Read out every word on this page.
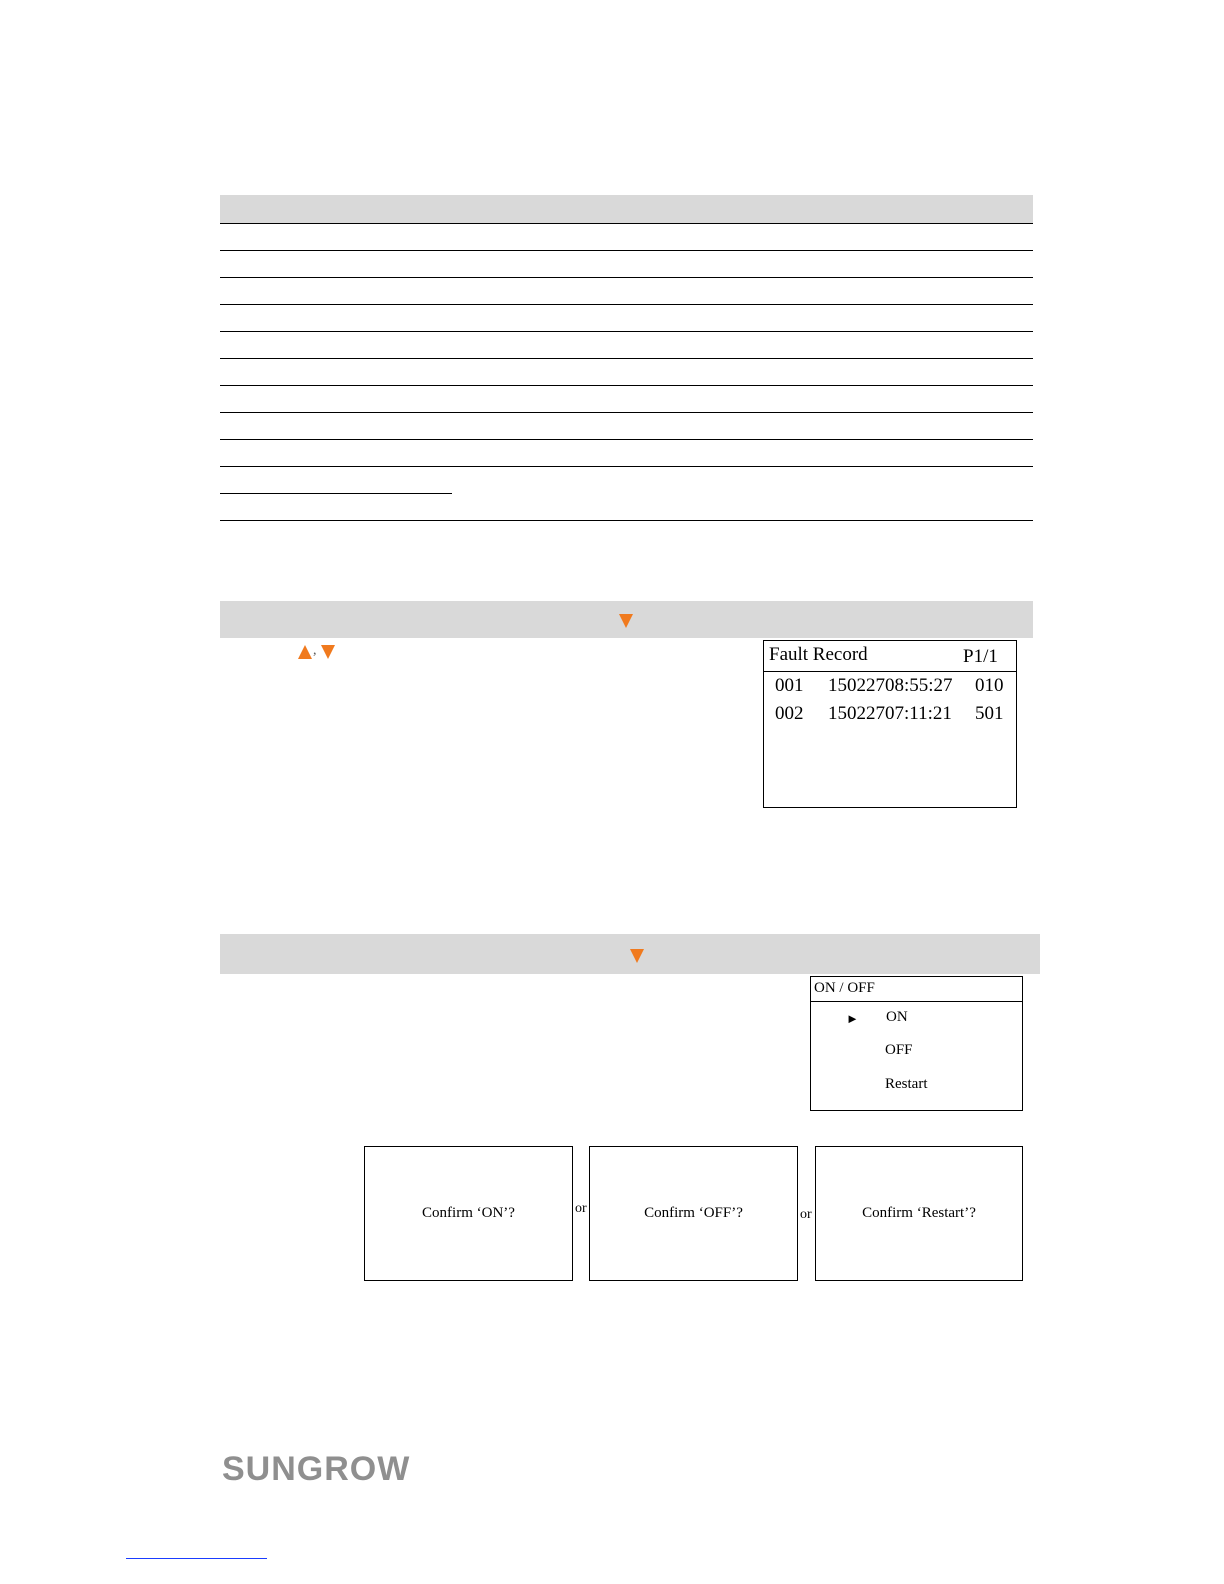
,	Fault Record	P1/1
001 15022708:55:27 010
002 15022707:11:21 501
ON / OFF
► ON
OFF
Restart
Confirm ‘ON’?	or	Confirm ‘OFF’?	or	Confirm ‘Restart’?
SUNGROW
